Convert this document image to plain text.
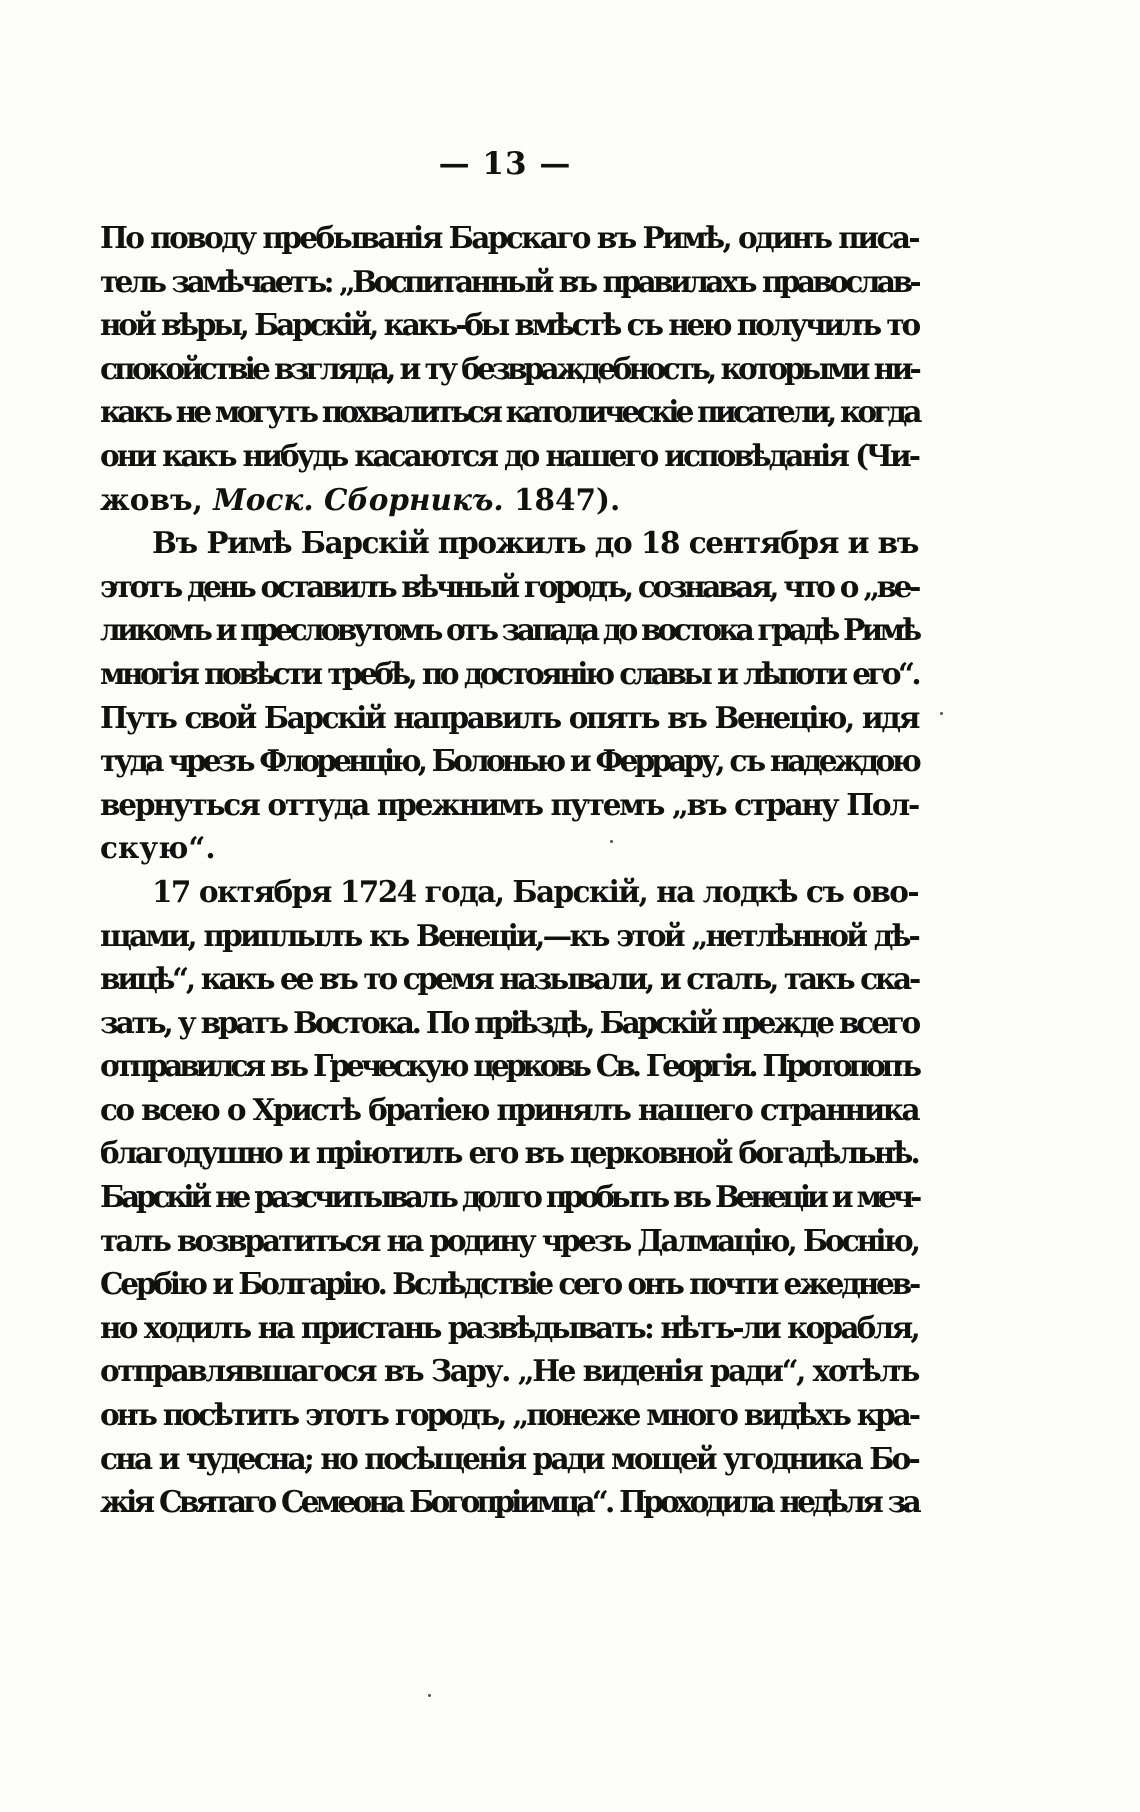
— 13 —
По поводу пребыванія Барскаго въ Римѣ, одинъ писа-
тель замѣчаетъ: „Воспитанный въ правилахъ православ-
ной вѣры, Барскій, какъ-бы вмѣстѣ съ нею получилъ то
спокойствіе взгляда, и ту безвраждебность, которыми ни-
какъ не могутъ похвалиться католическіе писатели, когда
они какъ нибудь касаются до нашего исповѣданія (Чи-
жовъ, Моск. Сборникъ. 1847).
Въ Римѣ Барскій прожилъ до 18 сентября и въ
этотъ день оставилъ вѣчный городъ, сознавая, что о „ве-
ликомъ и пресловутомъ отъ запада до востока градѣ Римѣ
многія повѣсти требѣ, по достоянію славы и лѣпоти его“.
Путь свой Барскій направилъ опять въ Венецію, идя
туда чрезъ Флоренцію, Болонью и Феррару, съ надеждою
вернуться оттуда прежнимъ путемъ „въ страну Пол-
скую“.
17 октября 1724 года, Барскій, на лодкѣ съ ово-
щами, приплылъ къ Венеціи,—къ этой „нетлѣнной дѣ-
вицѣ“, какъ ее въ то сремя называли, и сталъ, такъ ска-
зать, у вратъ Востока. По пріѣздѣ, Барскій прежде всего
отправился въ Греческую церковь Св. Георгія. Протопопъ
со всею о Христѣ братіею принялъ нашего странника
благодушно и пріютилъ его въ церковной богадѣльнѣ.
Барскій не разсчитывалъ долго пробыть въ Венеціи и меч-
талъ возвратиться на родину чрезъ Далмацію, Боснію,
Сербію и Болгарію. Вслѣдствіе сего онъ почти ежеднев-
но ходилъ на пристань развѣдывать: нѣтъ-ли корабля,
отправлявшагося въ Зару. „Не виденія ради“, хотѣлъ
онъ посѣтить этотъ городъ, „понеже много видѣхъ кра-
сна и чудесна; но посѣщенія ради мощей угодника Бо-
жія Святаго Семеона Богопріимца“. Проходила недѣля за
